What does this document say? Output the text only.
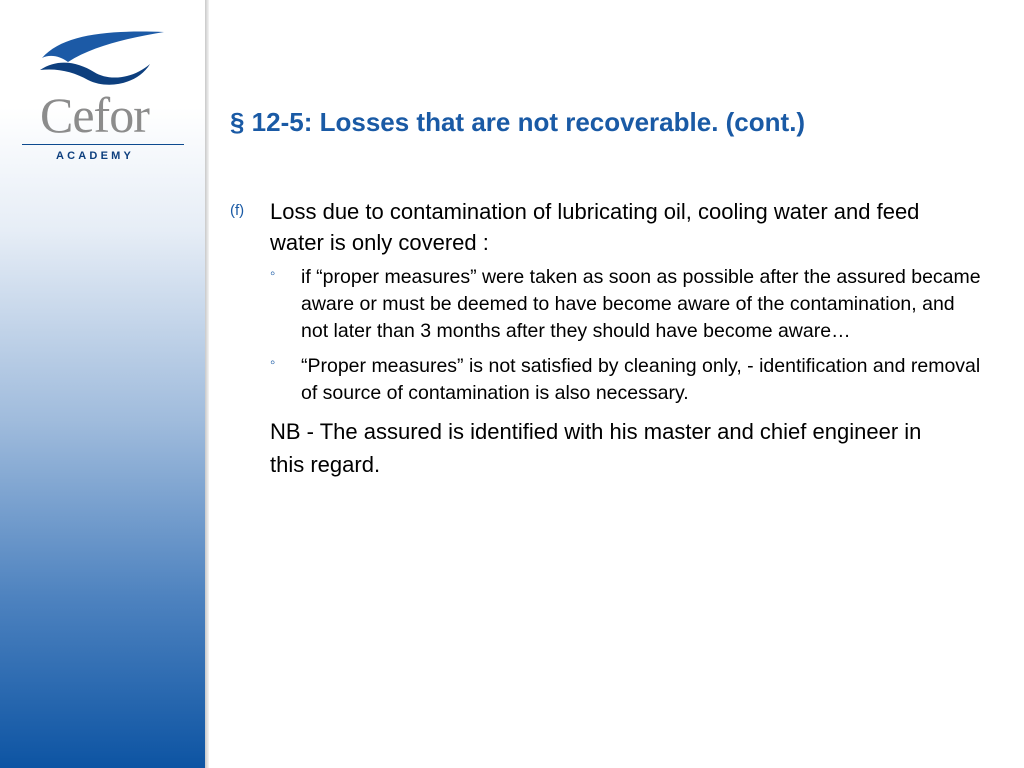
Cefor
ACADEMY
§ 12-5: Losses that are not recoverable. (cont.)
(f) Loss due to contamination of lubricating oil, cooling water and feed water is only covered :
◦ if “proper measures” were taken as soon as possible after the assured became aware or must be deemed to have become aware of the contamination, and not later than 3 months after they should have become aware…
◦ “Proper measures” is not satisfied by cleaning only, - identification and removal of source of contamination is also necessary.
NB - The assured is identified with his master and chief engineer in this regard.
